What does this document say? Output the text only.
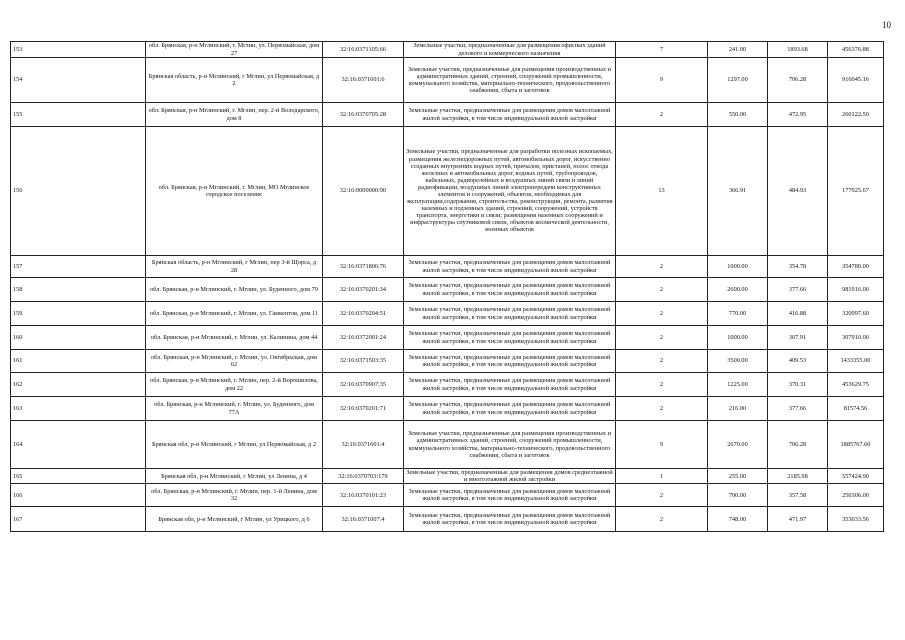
10
153	обл. Брянская, р-н Мглинский, г. Мглин, ул. Первомайская, дом 27	32:16:0371105:66	Земельные участки, предназначенные для размещения офисных зданий делового и коммерческого назначения	7	241.00	1893.68	456376.88
154	Брянская область, р-н Мглинский, г Мглин, ул Первомайская, д 2	32:16:0371601:6	Земельные участки, предназначенные для размещения производственных и административных зданий, строений, сооружений промышленности, коммунального хозяйства, материально-технического, продовольственного снабжения, сбыта и заготовок	9	1297.00	706.28	916045.16
155	обл. Брянская, р-н Мглинский, г. Мглин, пер. 2-й Володарского, дом 8	32:16:0370705:28	Земельные участки, предназначенные для размещения домов малоэтажной жилой застройки, в том числе индивидуальной жилой застройки	2	550.00	472.95	260122.50
156	обл. Брянская, р-н Мглинский, г. Мглин, МО Мглинское городское поселение	32:16:0000000:90	Земельные участки, предназначенные для разработки полезных ископаемых, размещения железнодорожных путей, автомобильных дорог, искусственно созданных внутренних водных путей, причалов, пристаней, полос отвода железных и автомобильных дорог, водных путей, трубопроводов, кабельных, радиорелейных и воздушных линий связи и линий радиофикации, воздушных линий электропередачи конструктивных элементов и сооружений, объектов, необходимых для эксплуатации,содержания, строительства, реконструкции, ремонта, развития наземных и подземных зданий, строений, сооружений, устройств транспорта, энергетики и связи; размещения наземных сооружений и инфраструктуры спутниковой связи, объектов космической деятельности, военных объектов	13	366.91	484.93	177925.67
157	Брянская область, р-н Мглинский, г Мглин, пер 3-й Щорса, д 28	32:16:0371806:76	Земельные участки, предназначенные для размещения домов малоэтажной жилой застройки, в том числе индивидуальной жилой застройки	2	1000.00	354.78	354780.00
158	обл. Брянская, р-н Мглинский, г. Мглин, ул. Буденного, дом 79	32:16:0370201:34	Земельные участки, предназначенные для размещения домов малоэтажной жилой застройки, в том числе индивидуальной жилой застройки	2	2600.00	377.66	981916.00
159	обл. Брянская, р-н Мглинский, г. Мглин, ул. Гамкентов, дом 11	32:16:0370204:51	Земельные участки, предназначенные для размещения домов малоэтажной жилой застройки, в том числе индивидуальной жилой застройки	2	770.00	416.88	320997.60
160	обл. Брянская, р-н Мглинский, г. Мглин, ул. Калинина, дом 44	32:16:0372001:24	Земельные участки, предназначенные для размещения домов малоэтажной жилой застройки, в том числе индивидуальной жилой застройки	2	1000.00	307.91	307910.00
161	обл. Брянская, р-н Мглинский, г. Мглин, ул. Октябрьская, дом 62	32:16:0371503:35	Земельные участки, предназначенные для размещения домов малоэтажной жилой застройки, в том числе индивидуальной жилой застройки	2	3500.00	409.53	1433355.00
162	обл. Брянская, р-н Мглинский, г. Мглин, пер. 2-й Ворошилова, дом 22	32:16:0370907:35	Земельные участки, предназначенные для размещения домов малоэтажной жилой застройки, в том числе индивидуальной жилой застройки	2	1225.00	370.31	453629.75
163	обл. Брянская, р-н Мглинский, г. Мглин, ул. Буденного, дом 77А	32:16:0370201:71	Земельные участки, предназначенные для размещения домов малоэтажной жилой застройки, в том числе индивидуальной жилой застройки	2	216.00	377.66	81574.56
164	Брянская обл, р-н Мглинский, г Мглин, ул Первомайская, д 2	32:16:0371601:4	Земельные участки, предназначенные для размещения производственных и административных зданий, строений, сооружений промышленности, коммунального хозяйства, материально-технического, продовольственного снабжения, сбыта и заготовок	9	2670.00	706.28	1885767.60
165	Брянская обл, р-н Мглинский, г Мглин, ул Ленина, д 4	32:16:0370703:179	Земельные участки, предназначенные для размещения домов среднеэтажной и многоэтажной жилой застройки	1	255.00	2185.98	557424.90
166	обл. Брянская, р-н Мглинский, г. Мглин, пер. 1-й Ленина, дом 32	32:16:0370101:23	Земельные участки, предназначенные для размещения домов малоэтажной жилой застройки, в том числе индивидуальной жилой застройки	2	700.00	357.58	250306.00
167	Брянская обл, р-н Мглинский, г Мглин, ул Урицкого, д 6	32:16:0371007:4	Земельные участки, предназначенные для размещения домов малоэтажной жилой застройки, в том числе индивидуальной жилой застройки	2	748.00	471.97	353033.56
